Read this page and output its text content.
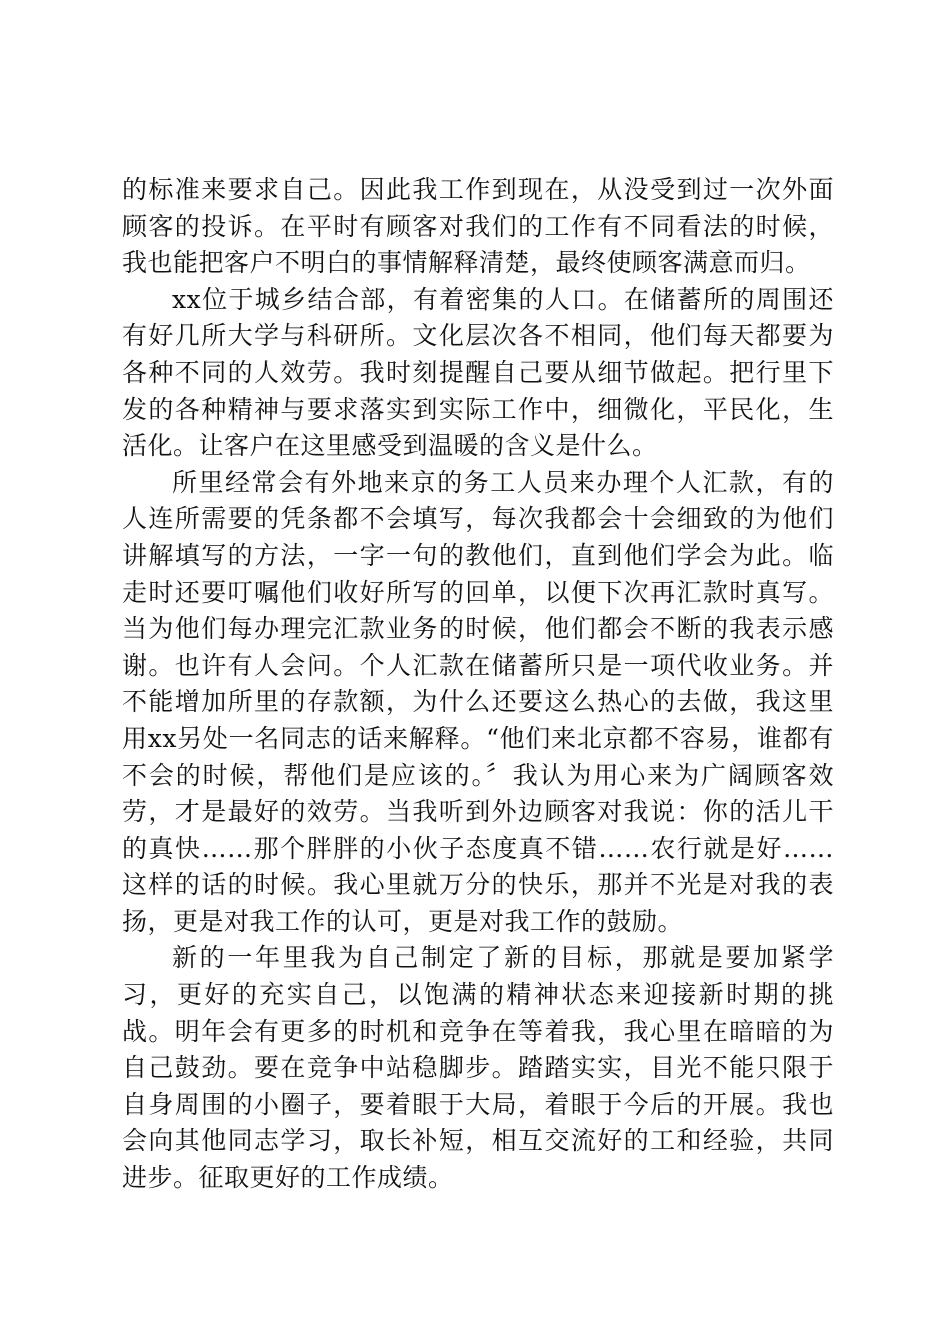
的标准来要求自己。因此我工作到现在，从没受到过一次外面顾客的投诉。在平时有顾客对我们的工作有不同看法的时候，我也能把客户不明白的事情解释清楚，最终使顾客满意而归。

xx位于城乡结合部，有着密集的人口。在储蓄所的周围还有好几所大学与科研所。文化层次各不相同，他们每天都要为各种不同的人效劳。我时刻提醒自己要从细节做起。把行里下发的各种精神与要求落实到实际工作中，细微化，平民化，生活化。让客户在这里感受到温暖的含义是什么。

所里经常会有外地来京的务工人员来办理个人汇款，有的人连所需要的凭条都不会填写，每次我都会十会细致的为他们讲解填写的方法，一字一句的教他们，直到他们学会为此。临走时还要叮嘱他们收好所写的回单，以便下次再汇款时真写。当为他们每办理完汇款业务的时候，他们都会不断的我表示感谢。也许有人会问。个人汇款在储蓄所只是一项代收业务。并不能增加所里的存款额，为什么还要这么热心的去做，我这里用xx另处一名同志的话来解释。“他们来北京都不容易，谁都有不会的时候，帮他们是应该的。〞我认为用心来为广阔顾客效劳，才是最好的效劳。当我听到外边顾客对我说：你的活儿干的真快……那个胖胖的小伙子态度真不错……农行就是好……这样的话的时候。我心里就万分的快乐，那并不光是对我的表扬，更是对我工作的认可，更是对我工作的鼓励。

新的一年里我为自己制定了新的目标，那就是要加紧学习，更好的充实自己，以饱满的精神状态来迎接新时期的挑战。明年会有更多的时机和竞争在等着我，我心里在暗暗的为自己鼓劲。要在竞争中站稳脚步。踏踏实实，目光不能只限于自身周围的小圈子，要着眼于大局，着眼于今后的开展。我也会向其他同志学习，取长补短，相互交流好的工和经验，共同进步。征取更好的工作成绩。
